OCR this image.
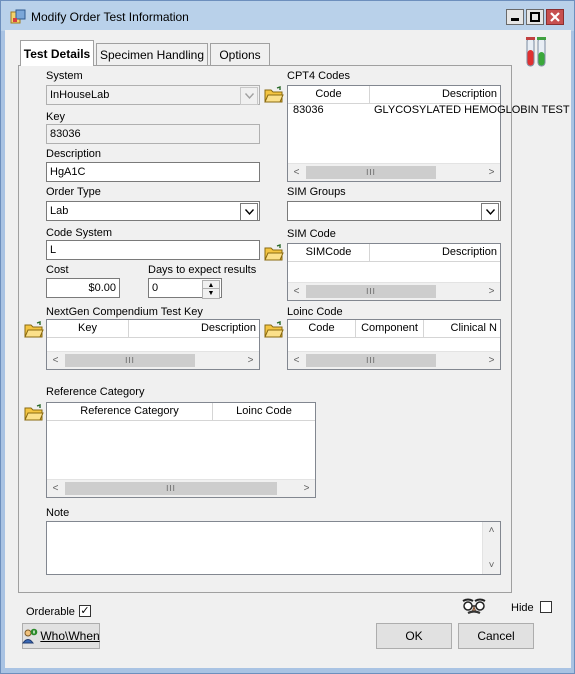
Modify Order Test Information
Test Details Specimen Handling	Options
System
InHouseLab
Key
83036
Description
HgA1C
Order Type
Lab
Code System
L
Cost
$0.00
Days to expect results
0	▲
▼
CPT4 Codes
Code	Description
83036	GLYCOSYLATED HEMOGLOBIN TEST
<	III	>
SIM Groups
SIM Code
SIMCode	Description
<	III	>
NextGen Compendium Test Key
Key	Description
<	III	>
Loinc Code
Code	Component	Clinical N
<	III	>
Reference Category
Reference Category	Loinc Code
<	III	>
Note
˄
˅
Orderable ✓	Hide
Who\When	OK	Cancel
